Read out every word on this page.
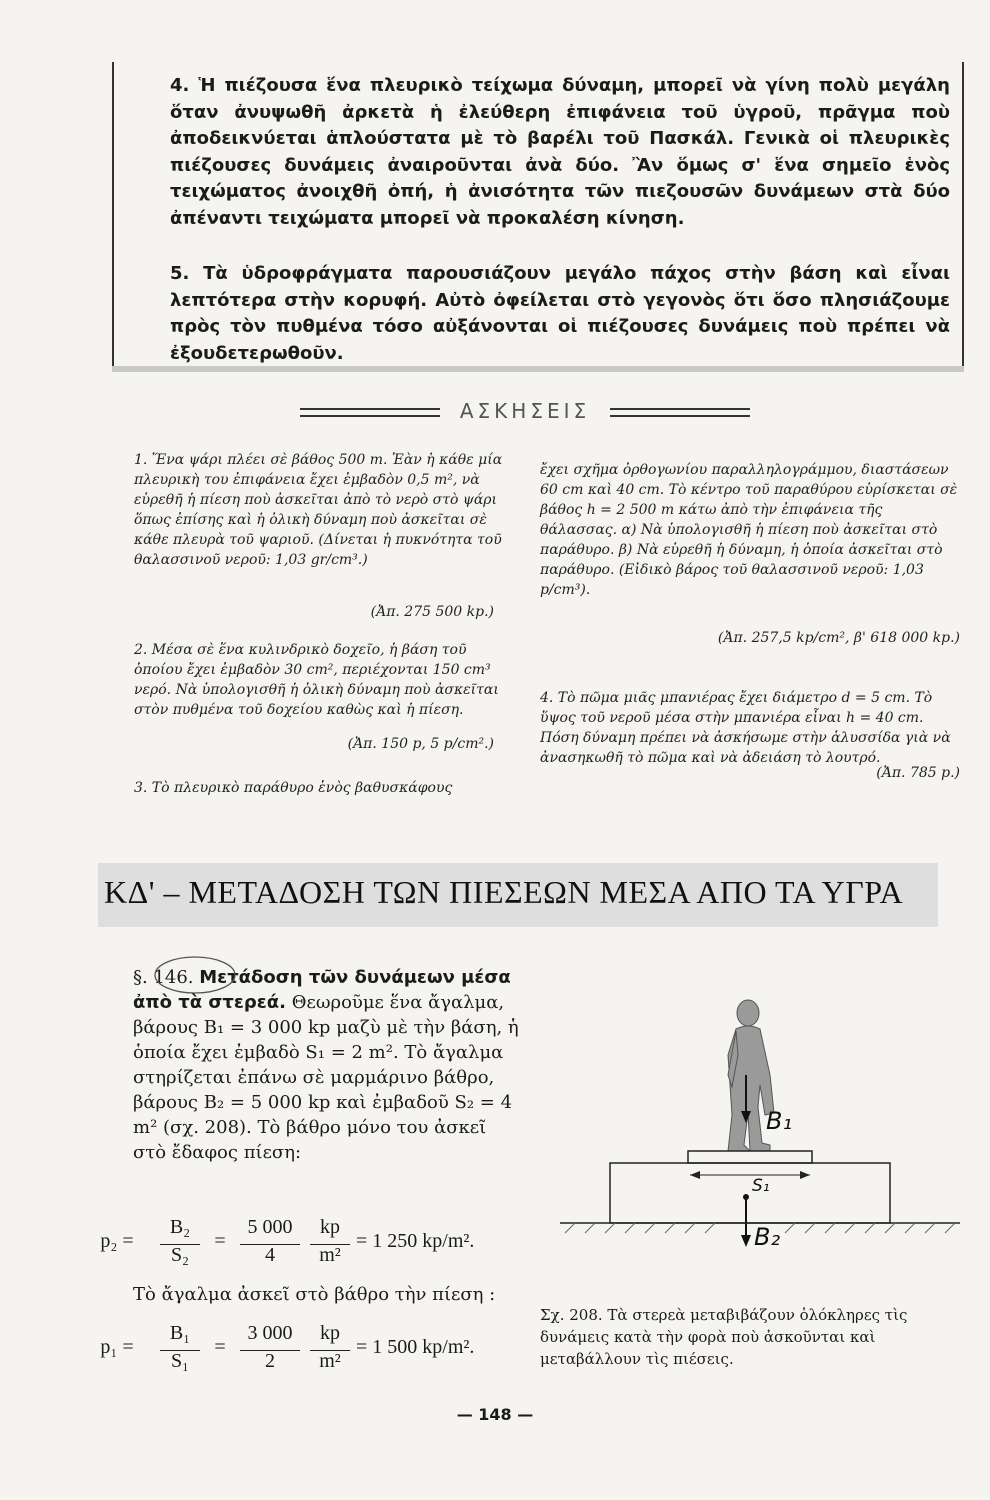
4. Ἡ πιέζουσα ἕνα πλευρικὸ τείχωμα δύναμη, μπορεῖ νὰ γίνη πολὺ μεγάλη ὅταν ἀνυψωθῆ ἀρκετὰ ἡ ἐλεύθερη ἐπιφάνεια τοῦ ὑγροῦ, πρᾶγμα ποὺ ἀποδεικνύεται ἁπλούστατα μὲ τὸ βαρέλι τοῦ Πασκάλ. Γενικὰ οἱ πλευρικὲς πιέζουσες δυνάμεις ἀναιροῦνται ἀνὰ δύο. Ἂν ὅμως σ' ἕνα σημεῖο ἑνὸς τειχώματος ἀνοιχθῆ ὀπή, ἡ ἀνισότητα τῶν πιεζουσῶν δυνάμεων στὰ δύο ἀπέναντι τειχώματα μπορεῖ νὰ προκαλέση κίνηση.

5. Τὰ ὑδροφράγματα παρουσιάζουν μεγάλο πάχος στὴν βάση καὶ εἶναι λεπτότερα στὴν κορυφή. Αὐτὸ ὀφείλεται στὸ γεγονὸς ὅτι ὅσο πλησιάζουμε πρὸς τὸν πυθμένα τόσο αὐξάνονται οἱ πιέζουσες δυνάμεις ποὺ πρέπει νὰ ἐξουδετερωθοῦν.

ΑΣΚΗΣΕΙΣ

1. Ἕνα ψάρι πλέει σὲ βάθος 500 m. Ἐὰν ἡ κάθε μία πλευρικὴ του ἐπιφάνεια ἔχει ἐμβαδὸν 0,5 m², νὰ εὑρεθῆ ἡ πίεση ποὺ ἀσκεῖται ἀπὸ τὸ νερὸ στὸ ψάρι ὅπως ἐπίσης καὶ ἡ ὁλικὴ δύναμη ποὺ ἀσκεῖται σὲ κάθε πλευρὰ τοῦ ψαριοῦ. (Δίνεται ἡ πυκνότητα τοῦ θαλασσινοῦ νεροῦ: 1,03 gr/cm³.)

(Ἀπ. 275 500 kp.)

2. Μέσα σὲ ἕνα κυλινδρικὸ δοχεῖο, ἡ βάση τοῦ ὁποίου ἔχει ἐμβαδὸν 30 cm², περιέχονται 150 cm³ νερό. Νὰ ὑπολογισθῆ ἡ ὁλικὴ δύναμη ποὺ ἀσκεῖται στὸν πυθμένα τοῦ δοχείου καθὼς καὶ ἡ πίεση.

(Ἀπ. 150 p, 5 p/cm².)

3. Τὸ πλευρικὸ παράθυρο ἑνὸς βαθυσκάφους

ἔχει σχῆμα ὀρθογωνίου παραλληλογράμμου, διαστάσεων 60 cm καὶ 40 cm. Τὸ κέντρο τοῦ παραθύρου εὑρίσκεται σὲ βάθος h = 2 500 m κάτω ἀπὸ τὴν ἐπιφάνεια τῆς θάλασσας. α) Νὰ ὑπολογισθῆ ἡ πίεση ποὺ ἀσκεῖται στὸ παράθυρο. β) Νὰ εὑρεθῆ ἡ δύναμη, ἡ ὁποία ἀσκεῖται στὸ παράθυρο. (Εἰδικὸ βάρος τοῦ θαλασσινοῦ νεροῦ: 1,03 p/cm³).

(Ἀπ. 257,5 kp/cm², β' 618 000 kp.)

4. Τὸ πῶμα μιᾶς μπανιέρας ἔχει διάμετρο d = 5 cm. Τὸ ὕψος τοῦ νεροῦ μέσα στὴν μπανιέρα εἶναι h = 40 cm. Πόση δύναμη πρέπει νὰ ἀσκήσωμε στὴν ἁλυσσίδα γιὰ νὰ ἀνασηκωθῆ τὸ πῶμα καὶ νὰ ἀδειάση τὸ λουτρό.

(Ἀπ. 785 p.)

ΚΔ' – ΜΕΤΑΔΟΣΗ ΤΩΝ ΠΙΕΣΕΩΝ ΜΕΣΑ ΑΠΟ ΤΑ ΥΓΡΑ

§. 146. Μετάδοση τῶν δυνάμεων μέσα ἀπὸ τὰ στερεά. Θεωροῦμε ἕνα ἄγαλμα, βάρους B₁ = 3 000 kp μαζὺ μὲ τὴν βάση, ἡ ὁποία ἔχει ἐμβαδὸ S₁ = 2 m². Τὸ ἄγαλμα στηρίζεται ἐπάνω σὲ μαρμάρινο βάθρο, βάρους B₂ = 5 000 kp καὶ ἐμβαδοῦ S₂ = 4 m² (σχ. 208). Τὸ βάθρο μόνο του ἀσκεῖ στὸ ἔδαφος πίεση:

p₂ =
B₂
S₂
=
5 000
4
kp
m²
= 1 250 kp/m².

Τὸ ἄγαλμα ἀσκεῖ στὸ βάθρο τὴν πίεση :

p₁ =
B₁
S₁
=
3 000
2
kp
m²
= 1 500 kp/m².
B₁
S₁
B₂

Σχ. 208. Τὰ στερεὰ μεταβιβάζουν ὁλόκληρες τὶς δυνάμεις κατὰ τὴν φορὰ ποὺ ἀσκοῦνται καὶ μεταβάλλουν τὶς πιέσεις.

— 148 —
